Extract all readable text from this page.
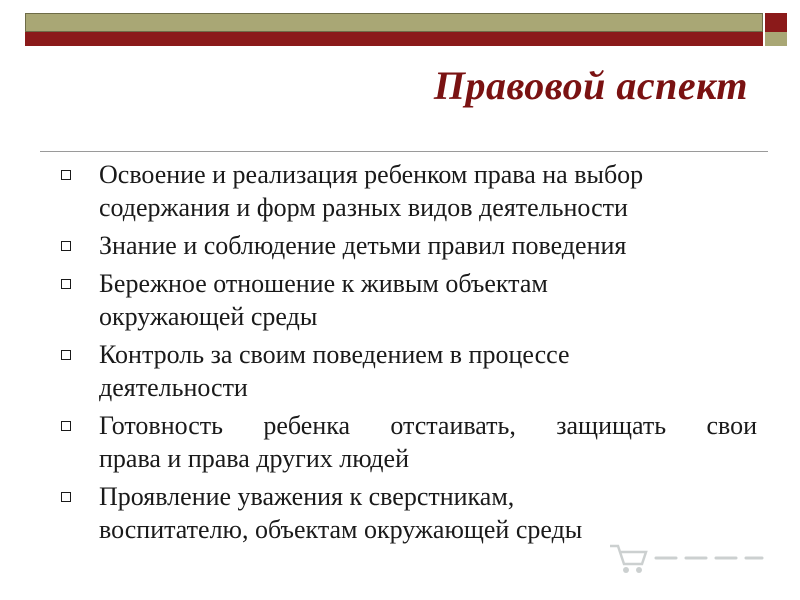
Правовой аспект
Освоение и реализация ребенком права на выбор
содержания и форм разных видов деятельности
Знание и соблюдение детьми правил поведения
Бережное отношение к живым объектам
окружающей среды
Контроль за своим поведением в процессе
деятельности
Готовность ребенка отстаивать, защищать свои
права и права других людей
Проявление уважения к сверстникам,
воспитателю, объектам окружающей среды
